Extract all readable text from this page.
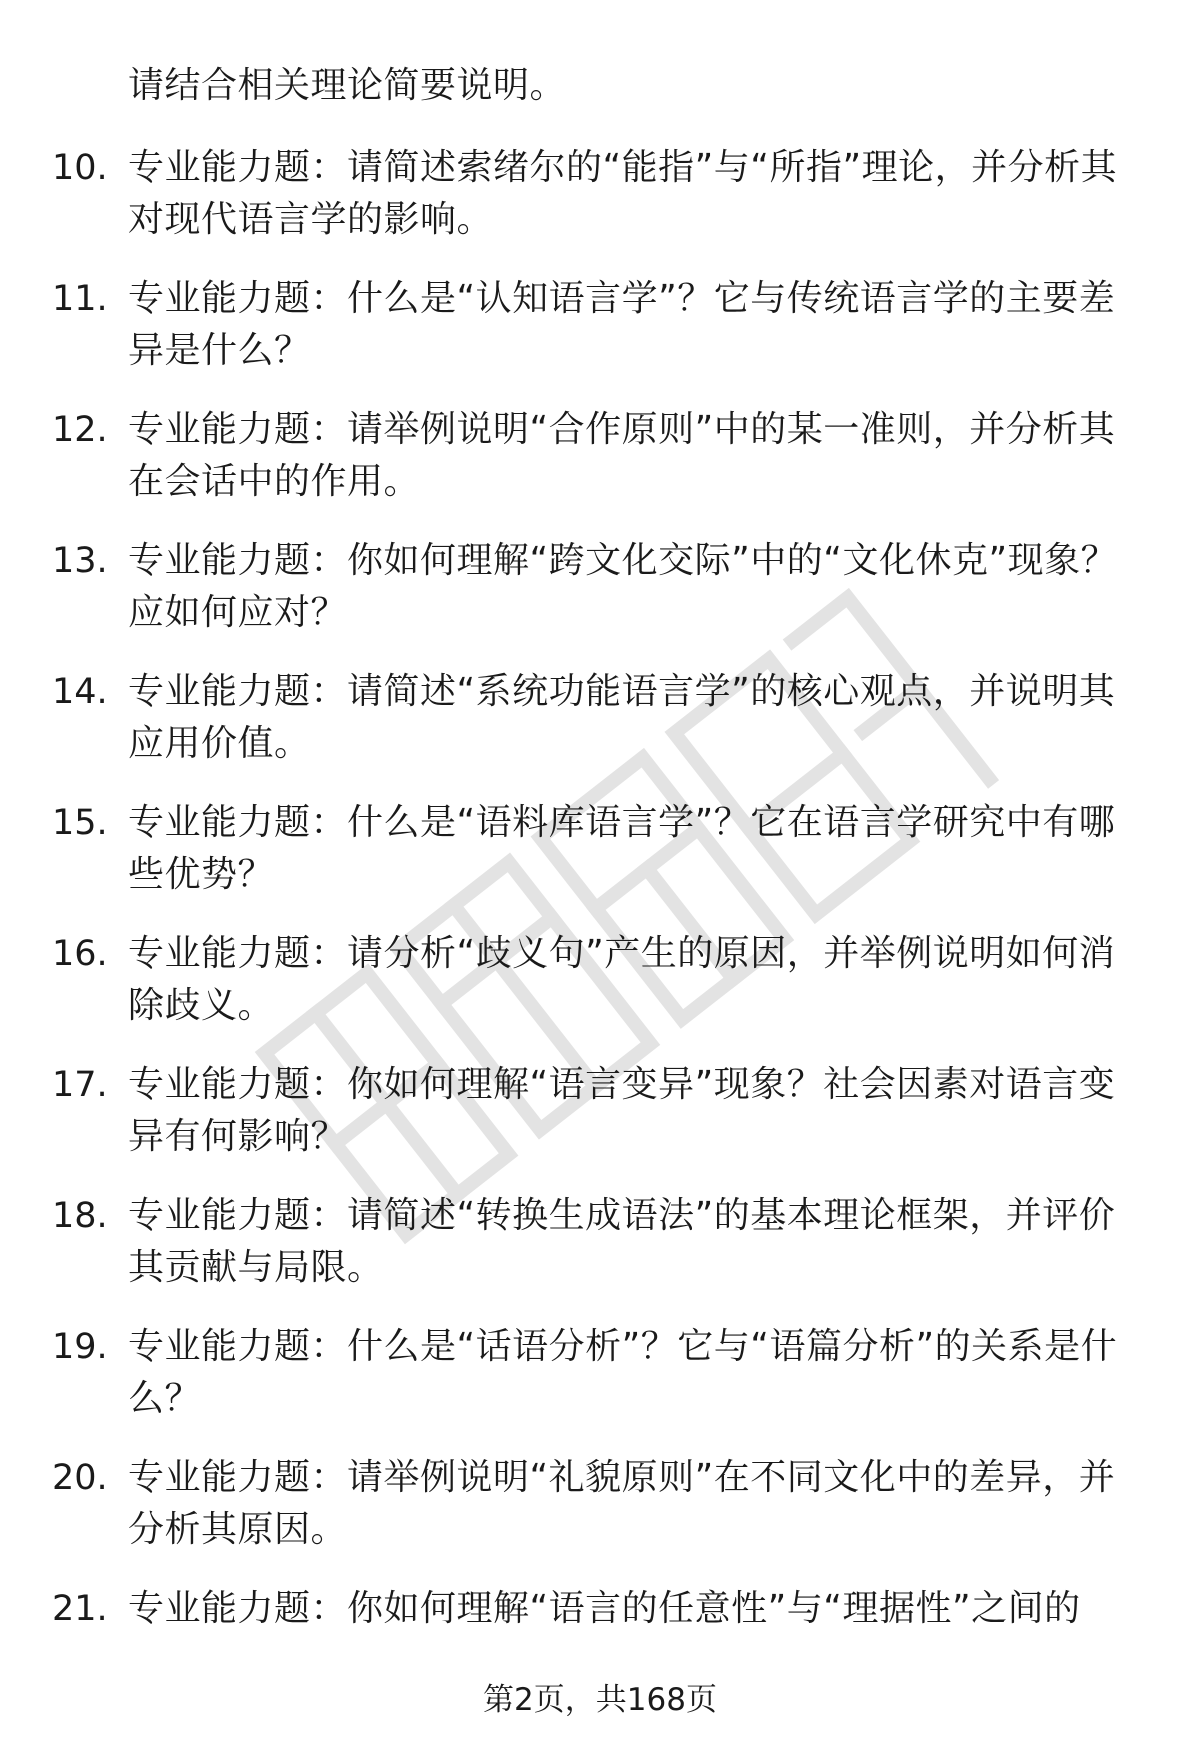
请结合相关理论简要说明。
10. 专业能力题：请简述索绪尔的“能指”与“所指”理论，并分析其对现代语言学的影响。
11. 专业能力题：什么是“认知语言学”？它与传统语言学的主要差异是什么？
12. 专业能力题：请举例说明“合作原则”中的某一准则，并分析其在会话中的作用。
13. 专业能力题：你如何理解“跨文化交际”中的“文化休克”现象？应如何应对？
14. 专业能力题：请简述“系统功能语言学”的核心观点，并说明其应用价值。
15. 专业能力题：什么是“语料库语言学”？它在语言学研究中有哪些优势？
16. 专业能力题：请分析“歧义句”产生的原因，并举例说明如何消除歧义。
17. 专业能力题：你如何理解“语言变异”现象？社会因素对语言变异有何影响？
18. 专业能力题：请简述“转换生成语法”的基本理论框架，并评价其贡献与局限。
19. 专业能力题：什么是“话语分析”？它与“语篇分析”的关系是什么？
20. 专业能力题：请举例说明“礼貌原则”在不同文化中的差异，并分析其原因。
21. 专业能力题：你如何理解“语言的任意性”与“理据性”之间的
第2页，共168页
